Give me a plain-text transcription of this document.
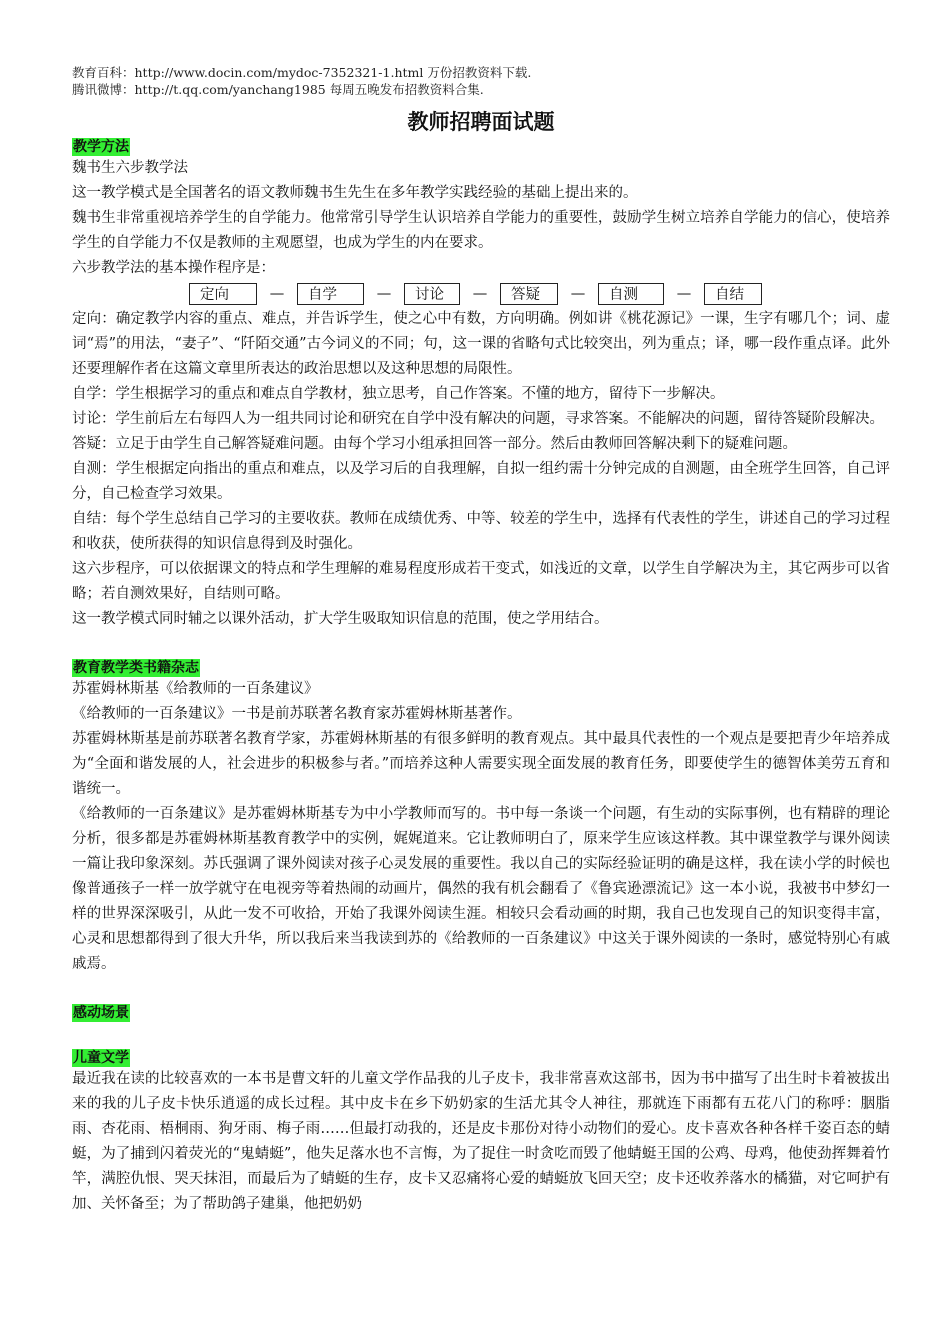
教育百科：http://www.docin.com/mydoc-7352321-1.html 万份招教资料下载.
腾讯微博：http://t.qq.com/yanchang1985 每周五晚发布招教资料合集.
教师招聘面试题
教学方法

魏书生六步教学法

这一教学模式是全国著名的语文教师魏书生先生在多年教学实践经验的基础上提出来的。

魏书生非常重视培养学生的自学能力。他常常引导学生认识培养自学能力的重要性，鼓励学生树立培养自学能力的信心，使培养学生的自学能力不仅是教师的主观愿望，也成为学生的内在要求。

六步教学法的基本操作程序是：

定向	—	自学	—	讨论	—	答疑	—	自测	—	自结

定向：确定教学内容的重点、难点，并告诉学生，使之心中有数，方向明确。例如讲《桃花源记》一课，生字有哪几个；词、虚词“焉”的用法，“妻子”、“阡陌交通”古今词义的不同；句，这一课的省略句式比较突出，列为重点；译，哪一段作重点译。此外还要理解作者在这篇文章里所表达的政治思想以及这种思想的局限性。

自学：学生根据学习的重点和难点自学教材，独立思考，自己作答案。不懂的地方，留待下一步解决。

讨论：学生前后左右每四人为一组共同讨论和研究在自学中没有解决的问题，寻求答案。不能解决的问题，留待答疑阶段解决。

答疑：立足于由学生自己解答疑难问题。由每个学习小组承担回答一部分。然后由教师回答解决剩下的疑难问题。

自测：学生根据定向指出的重点和难点，以及学习后的自我理解，自拟一组约需十分钟完成的自测题，由全班学生回答，自己评分，自己检查学习效果。

自结：每个学生总结自己学习的主要收获。教师在成绩优秀、中等、较差的学生中，选择有代表性的学生，讲述自己的学习过程和收获，使所获得的知识信息得到及时强化。

这六步程序，可以依据课文的特点和学生理解的难易程度形成若干变式，如浅近的文章，以学生自学解决为主，其它两步可以省略；若自测效果好，自结则可略。

这一教学模式同时辅之以课外活动，扩大学生吸取知识信息的范围，使之学用结合。

教育教学类书籍杂志

苏霍姆林斯基《给教师的一百条建议》

《给教师的一百条建议》一书是前苏联著名教育家苏霍姆林斯基著作。

苏霍姆林斯基是前苏联著名教育学家，苏霍姆林斯基的有很多鲜明的教育观点。其中最具代表性的一个观点是要把青少年培养成为“全面和谐发展的人，社会进步的积极参与者。”而培养这种人需要实现全面发展的教育任务，即要使学生的德智体美劳五育和谐统一。

《给教师的一百条建议》是苏霍姆林斯基专为中小学教师而写的。书中每一条谈一个问题，有生动的实际事例，也有精辟的理论分析，很多都是苏霍姆林斯基教育教学中的实例，娓娓道来。它让教师明白了，原来学生应该这样教。其中课堂教学与课外阅读一篇让我印象深刻。苏氏强调了课外阅读对孩子心灵发展的重要性。我以自己的实际经验证明的确是这样，我在读小学的时候也像普通孩子一样一放学就守在电视旁等着热闹的动画片，偶然的我有机会翻看了《鲁宾逊漂流记》这一本小说，我被书中梦幻一样的世界深深吸引，从此一发不可收拾，开始了我课外阅读生涯。相较只会看动画的时期，我自己也发现自己的知识变得丰富，心灵和思想都得到了很大升华，所以我后来当我读到苏的《给教师的一百条建议》中这关于课外阅读的一条时，感觉特别心有戚戚焉。

感动场景
儿童文学

最近我在读的比较喜欢的一本书是曹文轩的儿童文学作品我的儿子皮卡，我非常喜欢这部书，因为书中描写了出生时卡着被拔出来的我的儿子皮卡快乐逍遥的成长过程。其中皮卡在乡下奶奶家的生活尤其令人神往，那就连下雨都有五花八门的称呼：胭脂雨、杏花雨、梧桐雨、狗牙雨、梅子雨……但最打动我的，还是皮卡那份对待小动物们的爱心。皮卡喜欢各种各样千姿百态的蜻蜓，为了捕到闪着荧光的“鬼蜻蜓”，他失足落水也不言悔，为了捉住一时贪吃而毁了他蜻蜓王国的公鸡、母鸡，他使劲挥舞着竹竿，满腔仇恨、哭天抹泪，而最后为了蜻蜓的生存，皮卡又忍痛将心爱的蜻蜓放飞回天空；皮卡还收养落水的橘猫，对它呵护有加、关怀备至；为了帮助鸽子建巢，他把奶奶
